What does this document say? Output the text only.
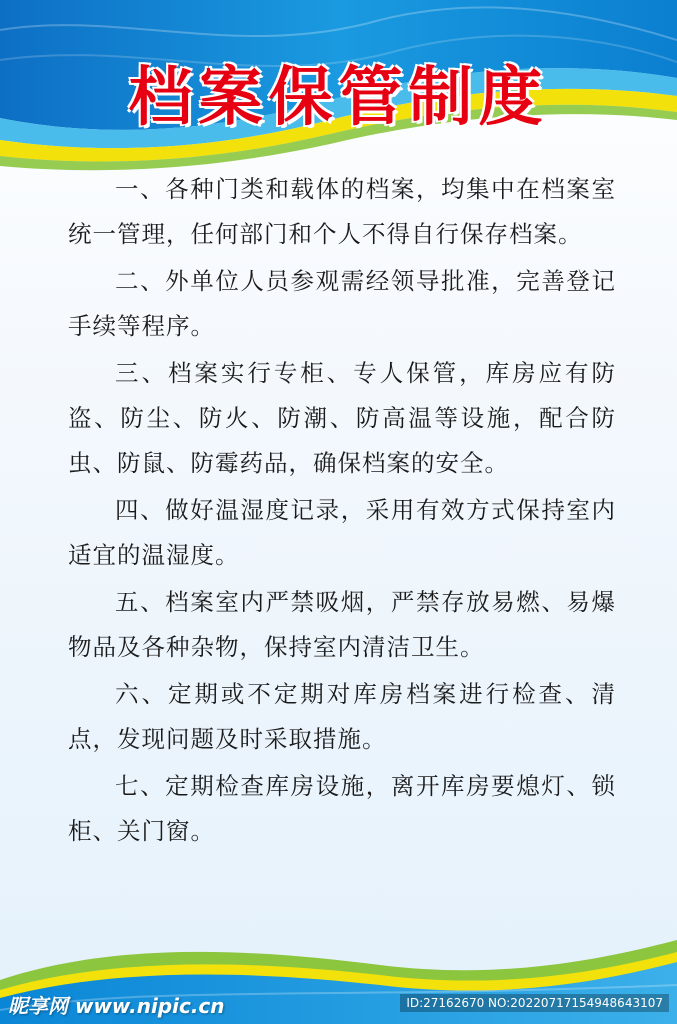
档案保管制度

一、各种门类和载体的档案，均集中在档案室统一管理，任何部门和个人不得自行保存档案。

二、外单位人员参观需经领导批准，完善登记手续等程序。

三、档案实行专柜、专人保管，库房应有防盗、防尘、防火、防潮、防高温等设施，配合防虫、防鼠、防霉药品，确保档案的安全。

四、做好温湿度记录，采用有效方式保持室内适宜的温湿度。

五、档案室内严禁吸烟，严禁存放易燃、易爆物品及各种杂物，保持室内清洁卫生。

六、定期或不定期对库房档案进行检查、清点，发现问题及时采取措施。

七、定期检查库房设施，离开库房要熄灯、锁柜、关门窗。

昵享网 www.nipic.cn	ID:27162670 NO:20220717154948643107
